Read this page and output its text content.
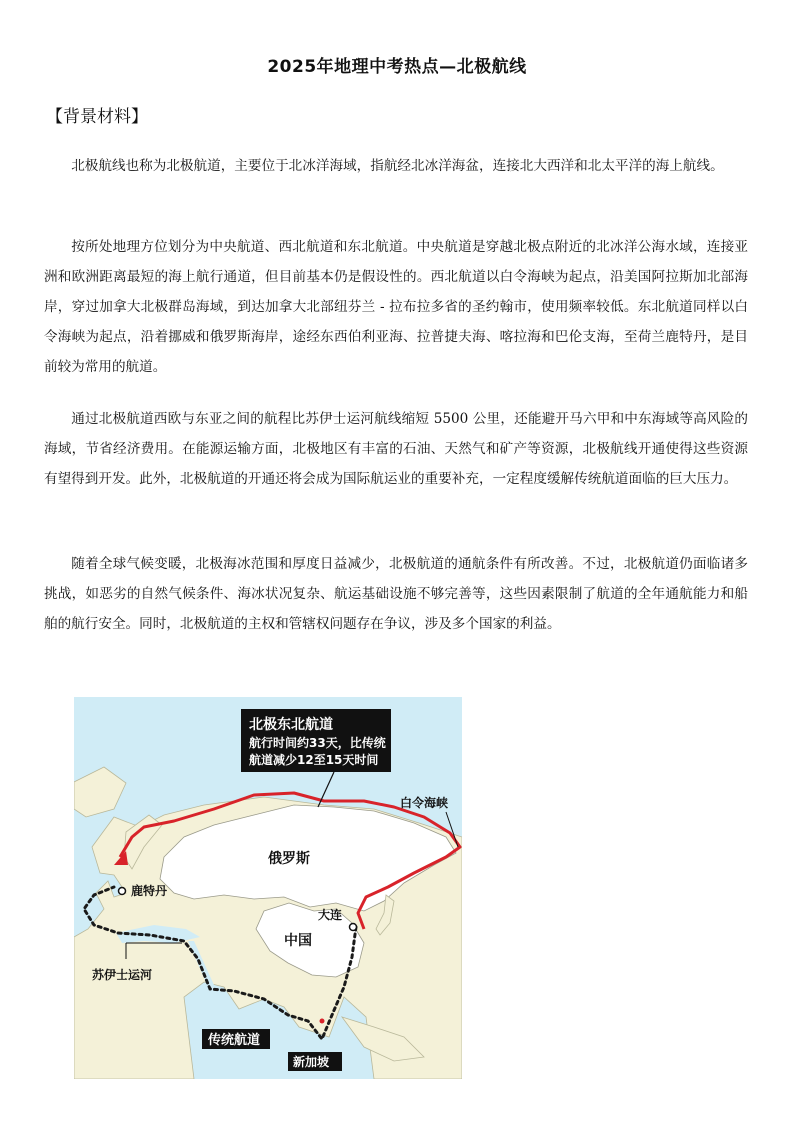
2025年地理中考热点—北极航线
【背景材料】

北极航线也称为北极航道，主要位于北冰洋海域，指航经北冰洋海盆，连接北大西洋和北太平洋的海上航线。

按所处地理方位划分为中央航道、西北航道和东北航道。中央航道是穿越北极点附近的北冰洋公海水域，连接亚洲和欧洲距离最短的海上航行通道，但目前基本仍是假设性的。西北航道以白令海峡为起点，沿美国阿拉斯加北部海岸，穿过加拿大北极群岛海域，到达加拿大北部纽芬兰 - 拉布拉多省的圣约翰市，使用频率较低。东北航道同样以白令海峡为起点，沿着挪威和俄罗斯海岸，途经东西伯利亚海、拉普捷夫海、喀拉海和巴伦支海，至荷兰鹿特丹，是目前较为常用的航道。

通过北极航道西欧与东亚之间的航程比苏伊士运河航线缩短 5500 公里，还能避开马六甲和中东海域等高风险的海域，节省经济费用。在能源运输方面，北极地区有丰富的石油、天然气和矿产等资源，北极航线开通使得这些资源有望得到开发。此外，北极航道的开通还将会成为国际航运业的重要补充，一定程度缓解传统航道面临的巨大压力。

随着全球气候变暖，北极海冰范围和厚度日益减少，北极航道的通航条件有所改善。不过，北极航道仍面临诸多挑战，如恶劣的自然气候条件、海冰状况复杂、航运基础设施不够完善等，这些因素限制了航道的全年通航能力和船舶的航行安全。同时，北极航道的主权和管辖权问题存在争议，涉及多个国家的利益。

北极东北航道
航行时间约33天，比传统
航道减少12至15天时间
白令海峡
俄罗斯
鹿特丹
大连
中国
苏伊士运河
传统航道
新加坡
